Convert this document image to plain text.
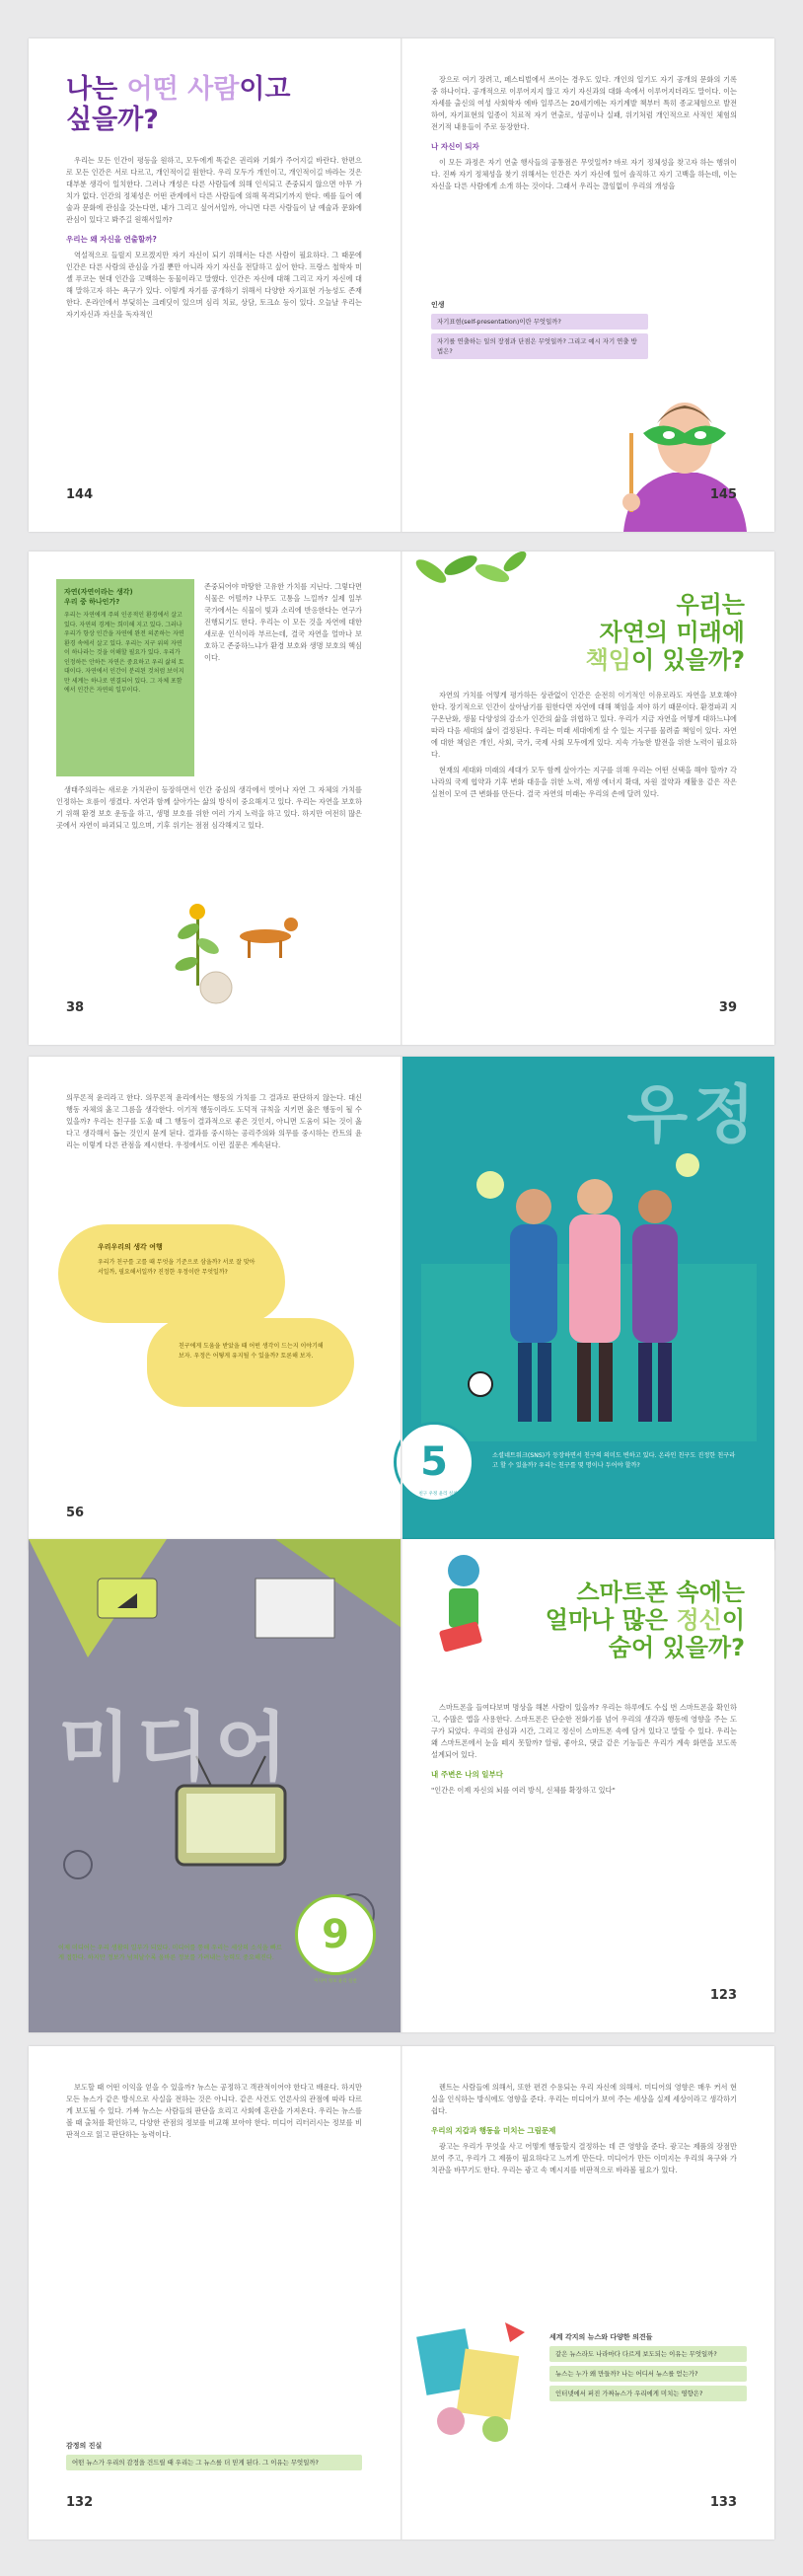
나는 어떤 사람이고
싶을까?

우리는 모든 인간이 평등을 원하고, 모두에게 똑같은 권리와 기회가 주어지길 바란다. 한편으로 모든 인간은 서로 다르고, 개인적이길 원한다. 우리 모두가 개인이고, 개인적이길 바라는 것은 대부분 생각이 일치한다. 그러나 개성은 다른 사람들에 의해 인식되고 존중되지 않으면 아무 가치가 없다. 인간의 정체성은 어떤 관계에서 다른 사람들에 의해 목격되기까지 한다. 예를 들어 예술과 문화에 관심을 갖는다면, 내가 그리고 싶어서일까, 아니면 다른 사람들이 날 예술과 문화에 관심이 있다고 봐주길 원해서일까?

우리는 왜 자신을 연출할까?

역설적으로 들릴지 모르겠지만 자기 자신이 되기 위해서는 다른 사람이 필요하다. 그 때문에 인간은 다른 사람의 관심을 가질 뿐만 아니라 자기 자신을 전달하고 싶어 한다. 프랑스 철학자 미셸 푸코는 현대 인간을 고백하는 동물이라고 말했다. 인간은 자신에 대해 그리고 자기 자신에 대해 말하고자 하는 욕구가 있다. 이렇게 자기를 공개하기 위해서 다양한 자기표현 가능성도 존재한다. 온라인에서 부딪히는 크레딧이 있으며 심리 치료, 상담, 토크쇼 등이 있다. 오늘날 우리는 자기자신과 자신을 독자적인

144

장으로 여기 장려고, 페스티벌에서 쓰이는 경우도 있다. 개인의 일기도 자기 공개의 문화의 기록 중 하나이다. 공개적으로 이루어지지 않고 자기 자신과의 대화 속에서 이루어지더라도 말이다. 이는 자세를 출신의 여성 사회학자 에바 일루즈는 20세기에는 자기계발 책부터 특히 종교체험으로 발전하여, 자기표현의 일종이 치료적 자기 연출로, 성공이나 실패, 위기처럼 개인적으로 사적인 체험의 전기적 내용들이 주로 등장한다.

나 자신이 되자

이 모든 과정은 자기 연출 행사들의 공통점은 무엇일까? 바로 자기 정체성을 찾고자 하는 행위이다. 진짜 자기 정체성을 찾기 위해서는 인간은 자기 자신에 있어 솔직하고 자기 고백을 하는데, 이는 자신을 다른 사람에게 소개 하는 것이다. 그래서 우리는 끊임없이 우리의 개성을

인생
자기표현(self-presentation)이란 무엇일까?
자기를 연출하는 일의 장점과 단점은 무엇일까? 그리고 예시 자기 연출 방법은?
145
자연(자연이라는 생각)
우리 중 하나인가?
우리는 자연에게 주의 인공적인 환경에서 살고 있다. 자연의 경계는 희미해 지고 있다. 그러나 우리가 항상 인간을 자연에 완전 의존하는 자연환경 속에서 살고 있다. 우리는 지구 위의 자연이 하나라는 것을 이해할 필요가 있다. 우리가 인정하든 안하든 자연은 중요하고 우리 삶의 토대이다. 자연에서 인간이 분리된 것처럼 보이지만 세계는 하나로 연결되어 있다. 그 자체 포함에서 인간은 자연의 일부이다.

존중되어야 마땅한 고유한 가치를 지닌다. 그렇다면 식물은 어떨까? 나무도 고통을 느낄까? 실제 일부 국가에서는 식물이 빛과 소리에 반응한다는 연구가 진행되기도 한다. 우리는 이 모든 것을 자연에 대한 새로운 인식이라 부르는데, 결국 자연을 얼마나 보호하고 존중하느냐가 환경 보호와 생명 보호의 핵심이다.

생태주의라는 새로운 가치관이 등장하면서 인간 중심의 생각에서 벗어나 자연 그 자체의 가치를 인정하는 흐름이 생겼다. 자연과 함께 살아가는 삶의 방식이 중요해지고 있다. 우리는 자연을 보호하기 위해 환경 보호 운동을 하고, 생명 보호를 위한 여러 가지 노력을 하고 있다. 하지만 여전히 많은 곳에서 자연이 파괴되고 있으며, 기후 위기는 점점 심각해지고 있다.

38
우리는
자연의 미래에
책임이 있을까?

자연의 가치를 어떻게 평가하든 상관없이 인간은 순전히 이기적인 이유로라도 자연을 보호해야 한다. 장기적으로 인간이 살아남기를 원한다면 자연에 대해 책임을 져야 하기 때문이다. 환경파괴 지구온난화, 생물 다양성의 감소가 인간의 삶을 위협하고 있다. 우리가 지금 자연을 어떻게 대하느냐에 따라 다음 세대의 삶이 결정된다. 우리는 미래 세대에게 살 수 있는 지구를 물려줄 책임이 있다. 자연에 대한 책임은 개인, 사회, 국가, 국제 사회 모두에게 있다. 지속 가능한 발전을 위한 노력이 필요하다.

현재의 세대와 미래의 세대가 모두 함께 살아가는 지구를 위해 우리는 어떤 선택을 해야 할까? 각 나라의 국제 협약과 기후 변화 대응을 위한 노력, 재생 에너지 확대, 자원 절약과 재활용 같은 작은 실천이 모여 큰 변화를 만든다. 결국 자연의 미래는 우리의 손에 달려 있다.

39

의무론적 윤리라고 한다. 의무론적 윤리에서는 행동의 가치를 그 결과로 판단하지 않는다. 대신 행동 자체의 옳고 그름을 생각한다. 이기적 행동이라도 도덕적 규칙을 지키면 옳은 행동이 될 수 있을까? 우리는 친구를 도울 때 그 행동이 결과적으로 좋은 것인지, 아니면 도움이 되는 것이 옳다고 생각해서 돕는 것인지 묻게 된다. 결과를 중시하는 공리주의와 의무를 중시하는 칸트의 윤리는 이렇게 다른 관점을 제시한다. 우정에서도 이런 질문은 계속된다.

우리우리의 생각 여행
우리가 친구를 고를 때 무엇을 기준으로 삼을까? 서로 잘 맞아서일까, 필요해서일까? 진정한 우정이란 무엇일까?
친구에게 도움을 받았을 때 어떤 생각이 드는지 이야기해 보자. 우정은 어떻게 유지될 수 있을까? 토론해 보자.
56
우정
5
친구 우정 윤리 실천
소셜네트워크(SNS)가 등장하면서 친구의 의미도 변하고 있다. 온라인 친구도 진정한 친구라고 할 수 있을까? 우리는 친구를 몇 명이나 두어야 할까?
미디어
9
미디어 정보 윤리 실천
이제 미디어는 우리 생활의 일부가 되었다. 미디어를 통해 우리는 세상의 소식을 빠르게 접한다. 하지만 정보가 넘쳐날수록 올바른 정보를 가려내는 능력도 중요해진다.
스마트폰 속에는
얼마나 많은 정신이
숨어 있을까?

스마트폰을 들여다보며 명상을 해본 사람이 있을까? 우리는 하루에도 수십 번 스마트폰을 확인하고, 수많은 앱을 사용한다. 스마트폰은 단순한 전화기를 넘어 우리의 생각과 행동에 영향을 주는 도구가 되었다. 우리의 관심과 시간, 그리고 정신이 스마트폰 속에 담겨 있다고 말할 수 있다. 우리는 왜 스마트폰에서 눈을 떼지 못할까? 알림, 좋아요, 댓글 같은 기능들은 우리가 계속 화면을 보도록 설계되어 있다.

내 주변은 나의 일부다

"인간은 이제 자신의 뇌를 여러 방식, 신체를 확장하고 있다"

123

보도할 때 어떤 이익을 얻을 수 있을까? 뉴스는 공정하고 객관적이어야 한다고 배운다. 하지만 모든 뉴스가 같은 방식으로 사실을 전하는 것은 아니다. 같은 사건도 언론사의 관점에 따라 다르게 보도될 수 있다. 가짜 뉴스는 사람들의 판단을 흐리고 사회에 혼란을 가져온다. 우리는 뉴스를 볼 때 출처를 확인하고, 다양한 관점의 정보를 비교해 보아야 한다. 미디어 리터러시는 정보를 비판적으로 읽고 판단하는 능력이다.

감정의 진실
어떤 뉴스가 우리의 감정을 건드릴 때 우리는 그 뉴스를 더 믿게 된다. 그 이유는 무엇일까?
132

렌트는 사람들에 의해서, 또한 편견 수용되는 우리 자신에 의해서. 미디어의 영향은 매우 커서 현실을 인식하는 방식에도 영향을 준다. 우리는 미디어가 보여 주는 세상을 실제 세상이라고 생각하기 쉽다.

우리의 지갑과 행동을 미치는 그림문제

광고는 우리가 무엇을 사고 어떻게 행동할지 결정하는 데 큰 영향을 준다. 광고는 제품의 장점만 보여 주고, 우리가 그 제품이 필요하다고 느끼게 만든다. 미디어가 만든 이미지는 우리의 욕구와 가치관을 바꾸기도 한다. 우리는 광고 속 메시지를 비판적으로 바라볼 필요가 있다.

세계 각지의 뉴스와 다양한 의견들
같은 뉴스라도 나라마다 다르게 보도되는 이유는 무엇일까?
뉴스는 누가 왜 만들까? 나는 어디서 뉴스를 얻는가?
인터넷에서 퍼진 가짜뉴스가 우리에게 미치는 영향은?
133
